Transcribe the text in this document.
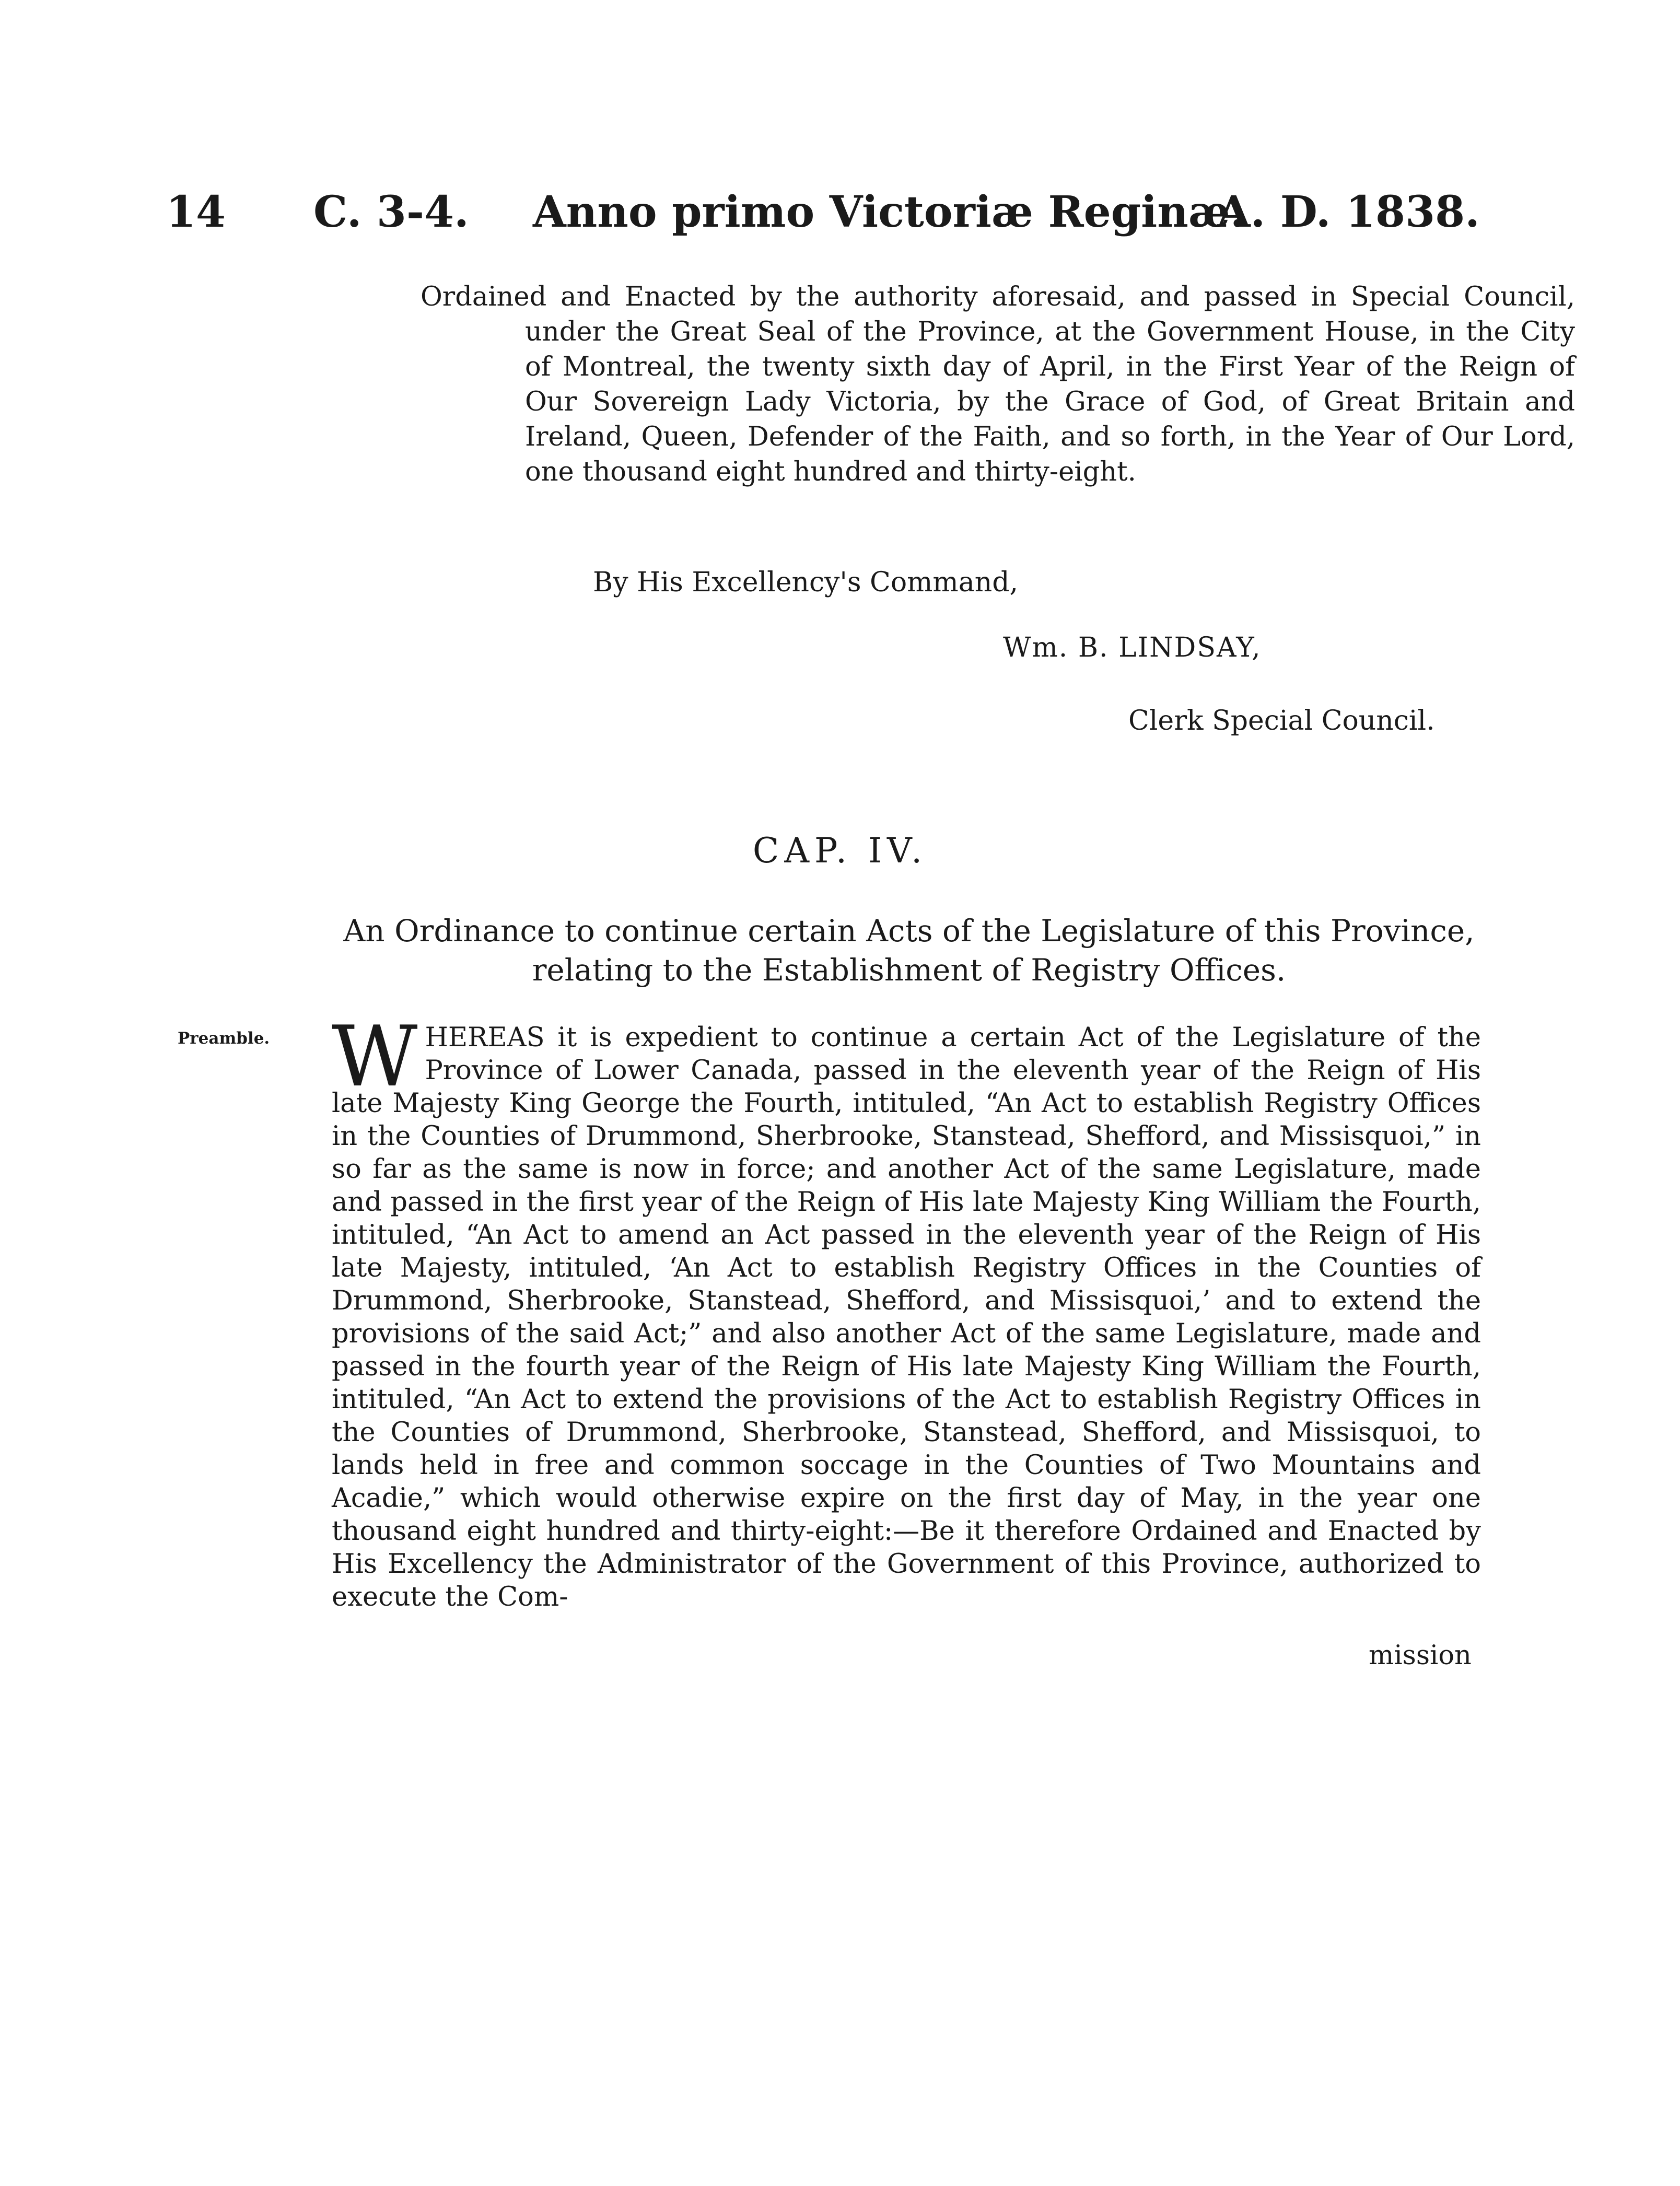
14 C. 3-4. Anno primo Victoriæ Reginæ.
A. D. 1838.

Ordained and Enacted by the authority aforesaid, and passed in Special Council, under the Great Seal of the Province, at the Government House, in the City of Montreal, the twenty sixth day of April, in the First Year of the Reign of Our Sovereign Lady Victoria, by the Grace of God, of Great Britain and Ireland, Queen, Defender of the Faith, and so forth, in the Year of Our Lord, one thousand eight hundred and thirty-eight.

By His Excellency's Command,
Wm. B. LINDSAY,
Clerk Special Council.
CAP. IV.

An Ordinance to continue certain Acts of the Legislature of this Province, relating to the Establishment of Registry Offices.

Preamble. W HEREAS it is expedient to continue a certain Act of the Legislature of the Province of Lower Canada, passed in the eleventh year of the Reign of His late Majesty King George the Fourth, intituled, “An Act to establish Registry Offices in the Counties of Drummond, Sherbrooke, Stanstead, Shefford, and Missisquoi,” in so far as the same is now in force; and another Act of the same Legislature, made and passed in the first year of the Reign of His late Majesty King William the Fourth, intituled, “An Act to amend an Act passed in the eleventh year of the Reign of His late Majesty, intituled, ‘An Act to establish Registry Offices in the Counties of Drummond, Sherbrooke, Stanstead, Shefford, and Missisquoi,’ and to extend the provisions of the said Act;” and also another Act of the same Legislature, made and passed in the fourth year of the Reign of His late Majesty King William the Fourth, intituled, “An Act to extend the provisions of the Act to establish Registry Offices in the Counties of Drummond, Sherbrooke, Stanstead, Shefford, and Missisquoi, to lands held in free and common soccage in the Counties of Two Mountains and Acadie,” which would otherwise expire on the first day of May, in the year one thousand eight hundred and thirty-eight:—Be it therefore Ordained and Enacted by His Excellency the Administrator of the Government of this Province, authorized to execute the Com-

mission
